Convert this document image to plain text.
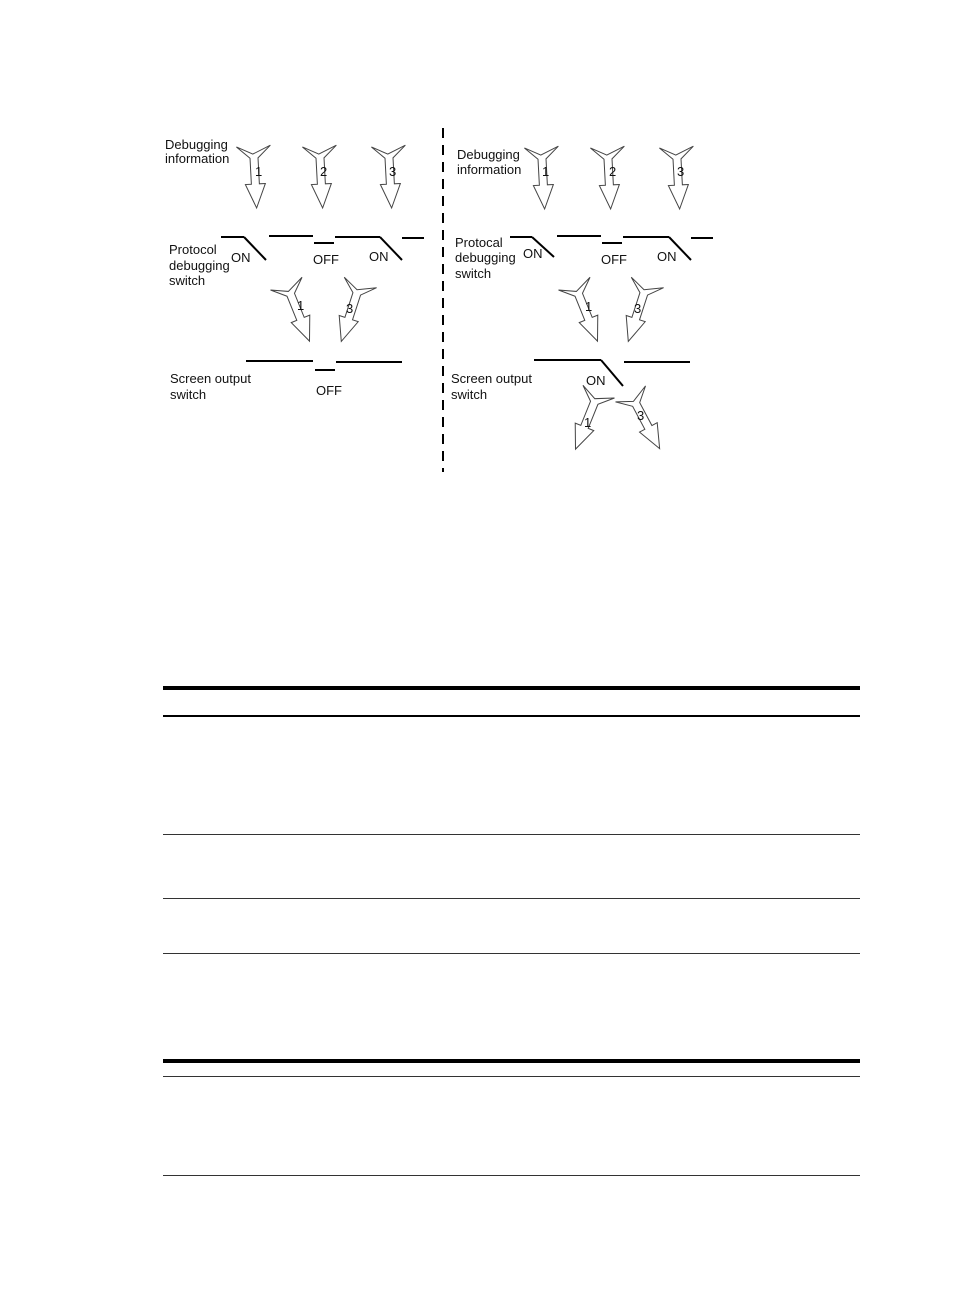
Debugging information
1	2	3
Protocol debugging switch
ON	OFF ON
1	3
Screen output switch	OFF
Debugging information 1	2	3
Protocal debugging switch
ON	OFF ON
1	3
Screen output switch
ON
1	3
